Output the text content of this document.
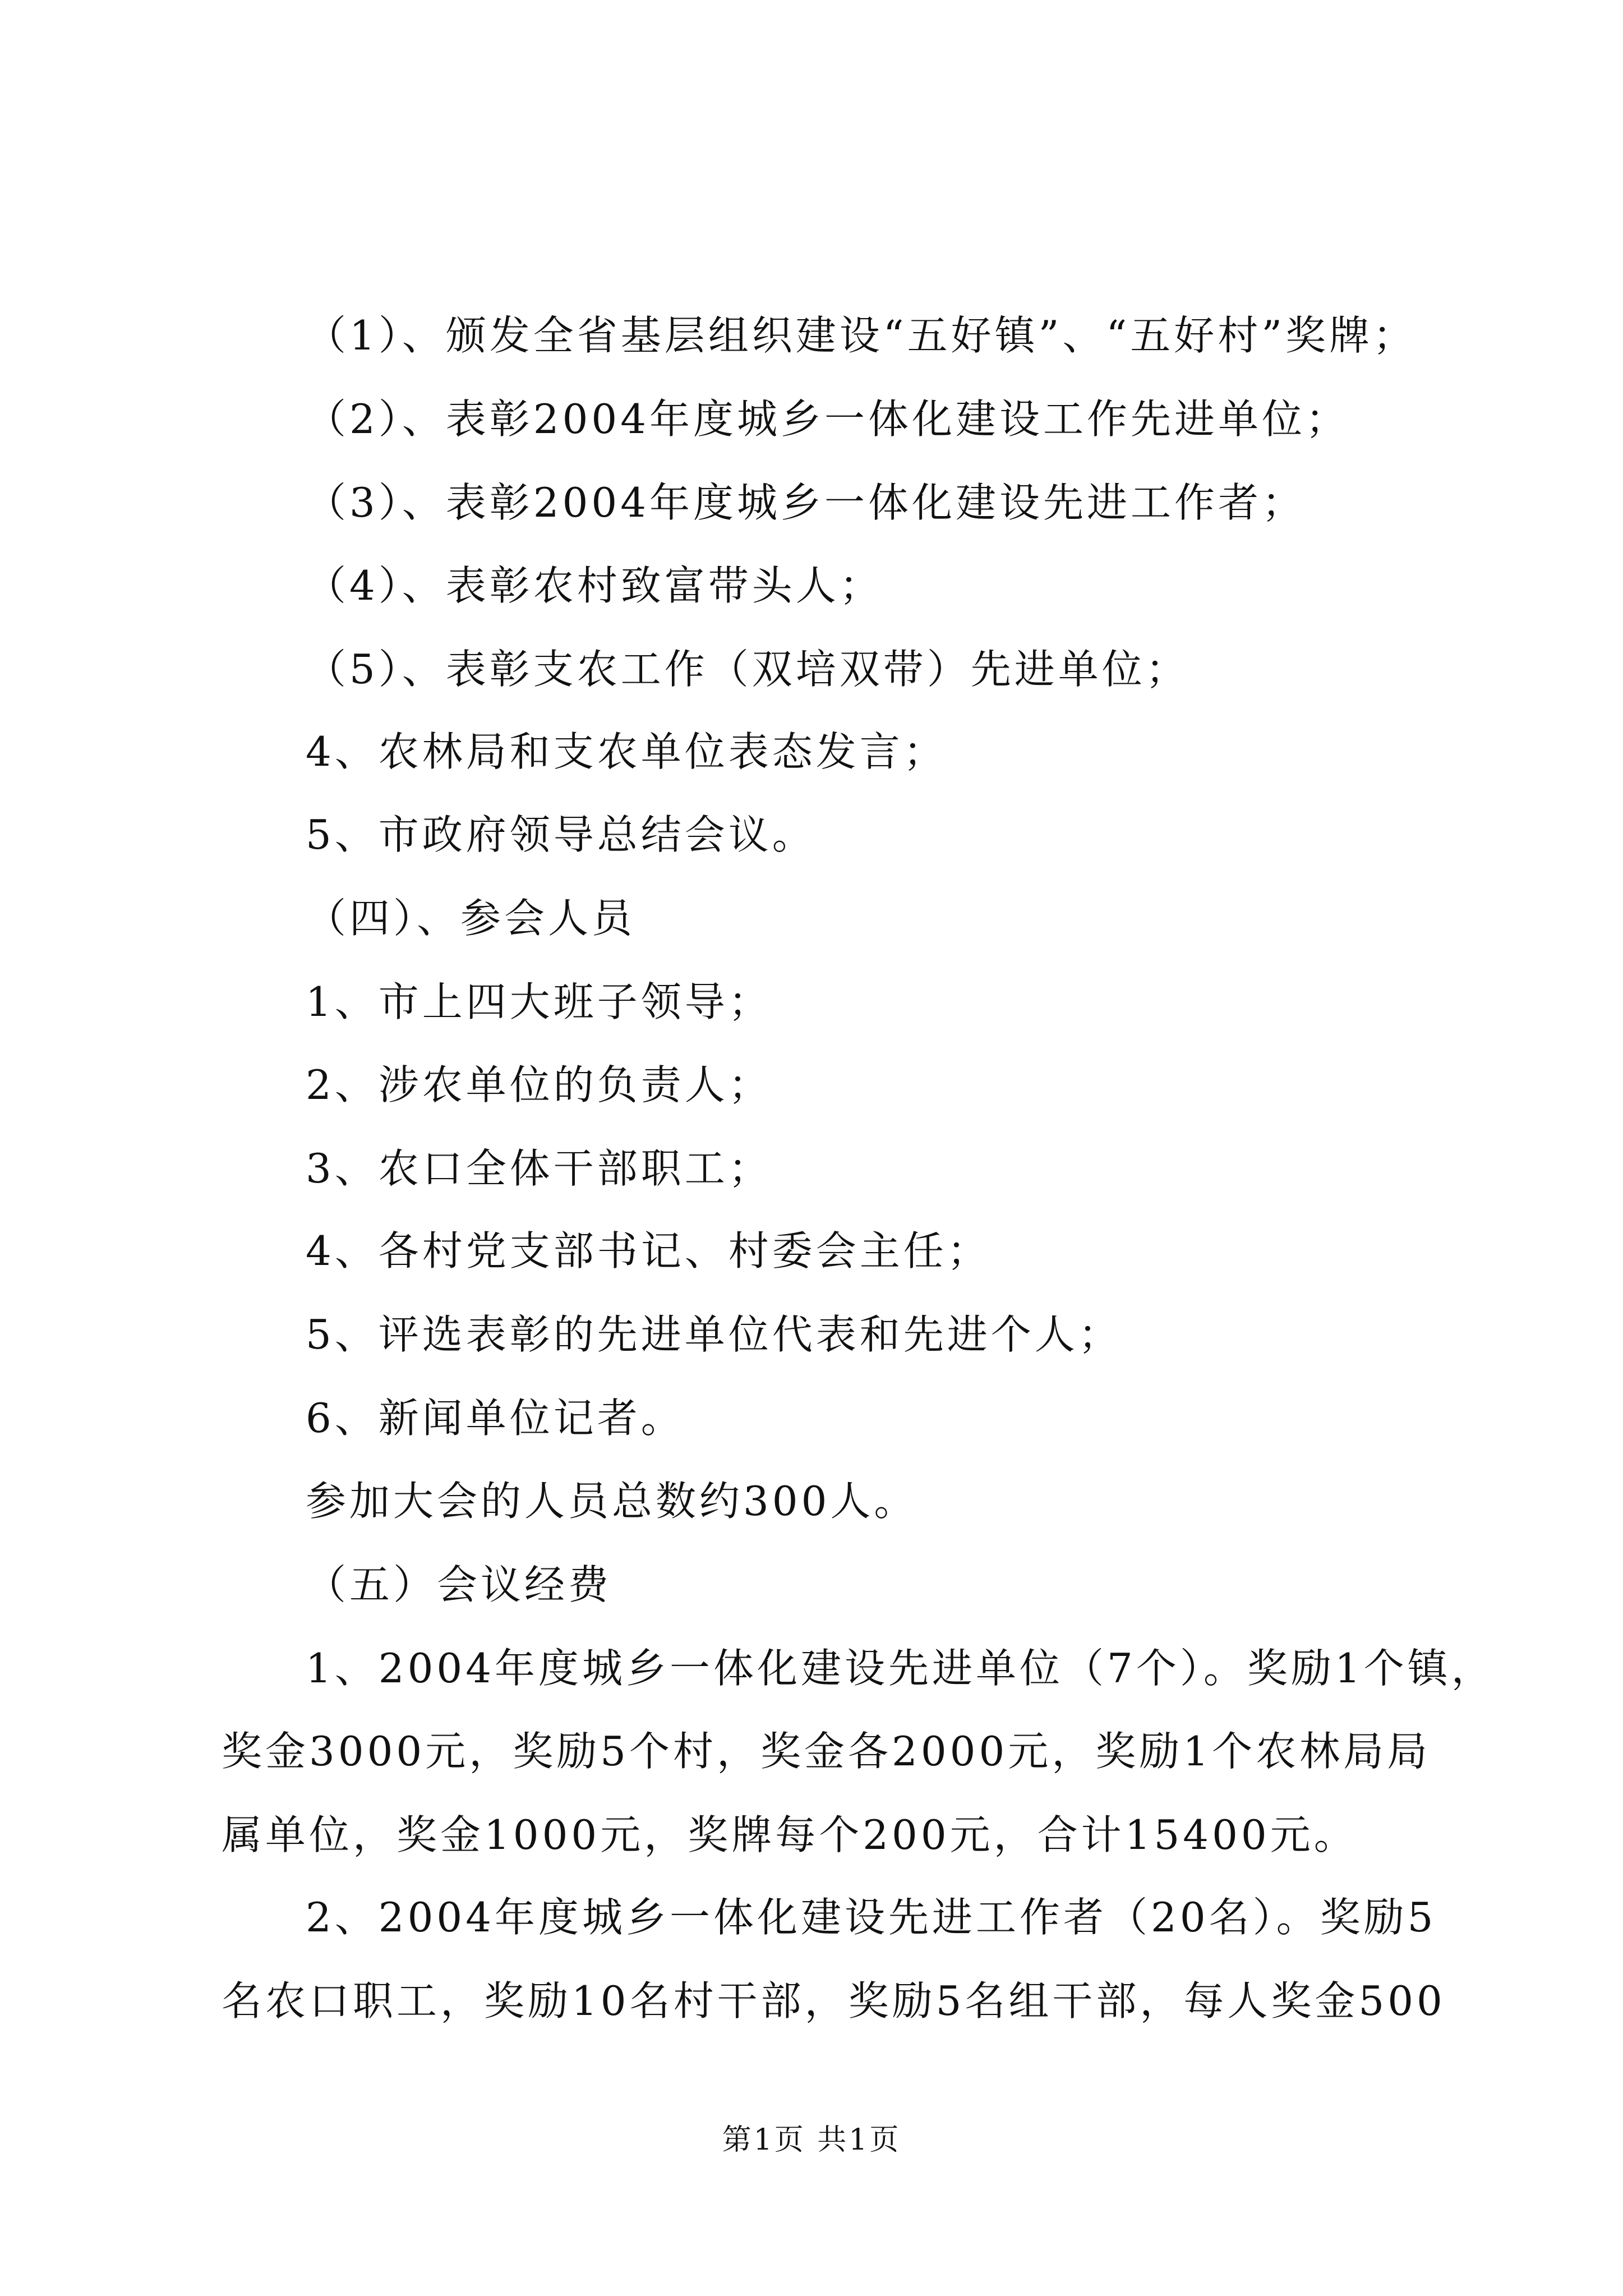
（1）、颁发全省基层组织建设“五好镇”、“五好村”奖牌；
（2）、表彰2004年度城乡一体化建设工作先进单位；
（3）、表彰2004年度城乡一体化建设先进工作者；
（4）、表彰农村致富带头人；
（5）、表彰支农工作（双培双带）先进单位；
4、农林局和支农单位表态发言；
5、市政府领导总结会议。
（四）、参会人员
1、市上四大班子领导；
2、涉农单位的负责人；
3、农口全体干部职工；
4、各村党支部书记、村委会主任；
5、评选表彰的先进单位代表和先进个人；
6、新闻单位记者。
参加大会的人员总数约300人。
（五）会议经费
1、2004年度城乡一体化建设先进单位（7个）。奖励1个镇，
奖金3000元，奖励5个村，奖金各2000元，奖励1个农林局局
属单位，奖金1000元，奖牌每个200元，合计15400元。
2、2004年度城乡一体化建设先进工作者（20名）。奖励5
名农口职工，奖励10名村干部，奖励5名组干部，每人奖金500
第1页 共1页
